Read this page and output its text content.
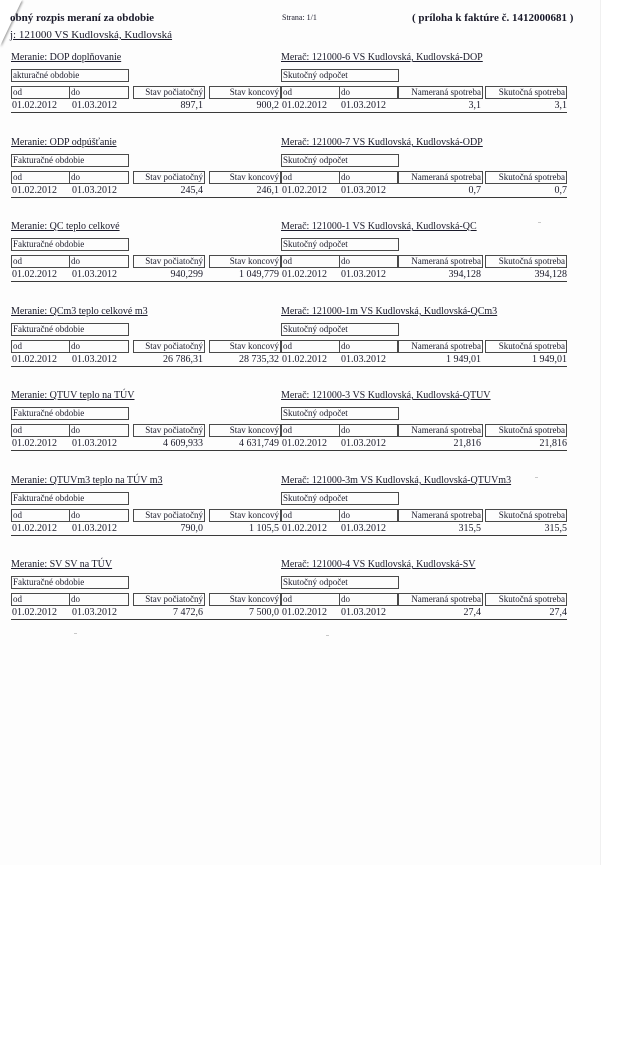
obný rozpis meraní za obdobie
j: 121000 VS Kudlovská, Kudlovská
Strana: 1/1	( príloha k faktúre č. 1412000681 )
Meranie: DOP doplňovanie	Merač: 121000-6 VS Kudlovská, Kudlovská-DOP
akturačné obdobie	Skutočný odpočet
od	do	Stav počiatočný	Stav koncový od	do	Nameraná spotreba	Skutočná spotreba
01.02.2012 01.03.2012	897,1	900,2 01.02.2012 01.03.2012	3,1	3,1
Meranie: ODP odpúšťanie	Merač: 121000-7 VS Kudlovská, Kudlovská-ODP
Fakturačné obdobie	Skutočný odpočet
od	do	Stav počiatočný	Stav koncový od	do	Nameraná spotreba	Skutočná spotreba
01.02.2012 01.03.2012	245,4	246,1 01.02.2012 01.03.2012	0,7	0,7
Meranie: QC teplo celkové	Merač: 121000-1 VS Kudlovská, Kudlovská-QC
Fakturačné obdobie	Skutočný odpočet
od	do	Stav počiatočný	Stav koncový od	do	Nameraná spotreba	Skutočná spotreba
01.02.2012 01.03.2012	940,299	1 049,779 01.02.2012 01.03.2012	394,128	394,128
Meranie: QCm3 teplo celkové m3	Merač: 121000-1m VS Kudlovská, Kudlovská-QCm3
Fakturačné obdobie	Skutočný odpočet
od	do	Stav počiatočný	Stav koncový od	do	Nameraná spotreba	Skutočná spotreba
01.02.2012 01.03.2012	26 786,31	28 735,32 01.02.2012 01.03.2012	1 949,01	1 949,01
Meranie: QTUV teplo na TÚV	Merač: 121000-3 VS Kudlovská, Kudlovská-QTUV
Fakturačné obdobie	Skutočný odpočet
od	do	Stav počiatočný	Stav koncový od	do	Nameraná spotreba	Skutočná spotreba
01.02.2012 01.03.2012	4 609,933	4 631,749 01.02.2012 01.03.2012	21,816	21,816
Meranie: QTUVm3 teplo na TÚV m3	Merač: 121000-3m VS Kudlovská, Kudlovská-QTUVm3
Fakturačné obdobie	Skutočný odpočet
od	do	Stav počiatočný	Stav koncový od	do	Nameraná spotreba	Skutočná spotreba
01.02.2012 01.03.2012	790,0	1 105,5 01.02.2012 01.03.2012	315,5	315,5
Meranie: SV SV na TÚV	Merač: 121000-4 VS Kudlovská, Kudlovská-SV
Fakturačné obdobie	Skutočný odpočet
od	do	Stav počiatočný	Stav koncový od	do	Nameraná spotreba	Skutočná spotreba
01.02.2012 01.03.2012	7 472,6	7 500,0 01.02.2012 01.03.2012	27,4	27,4
